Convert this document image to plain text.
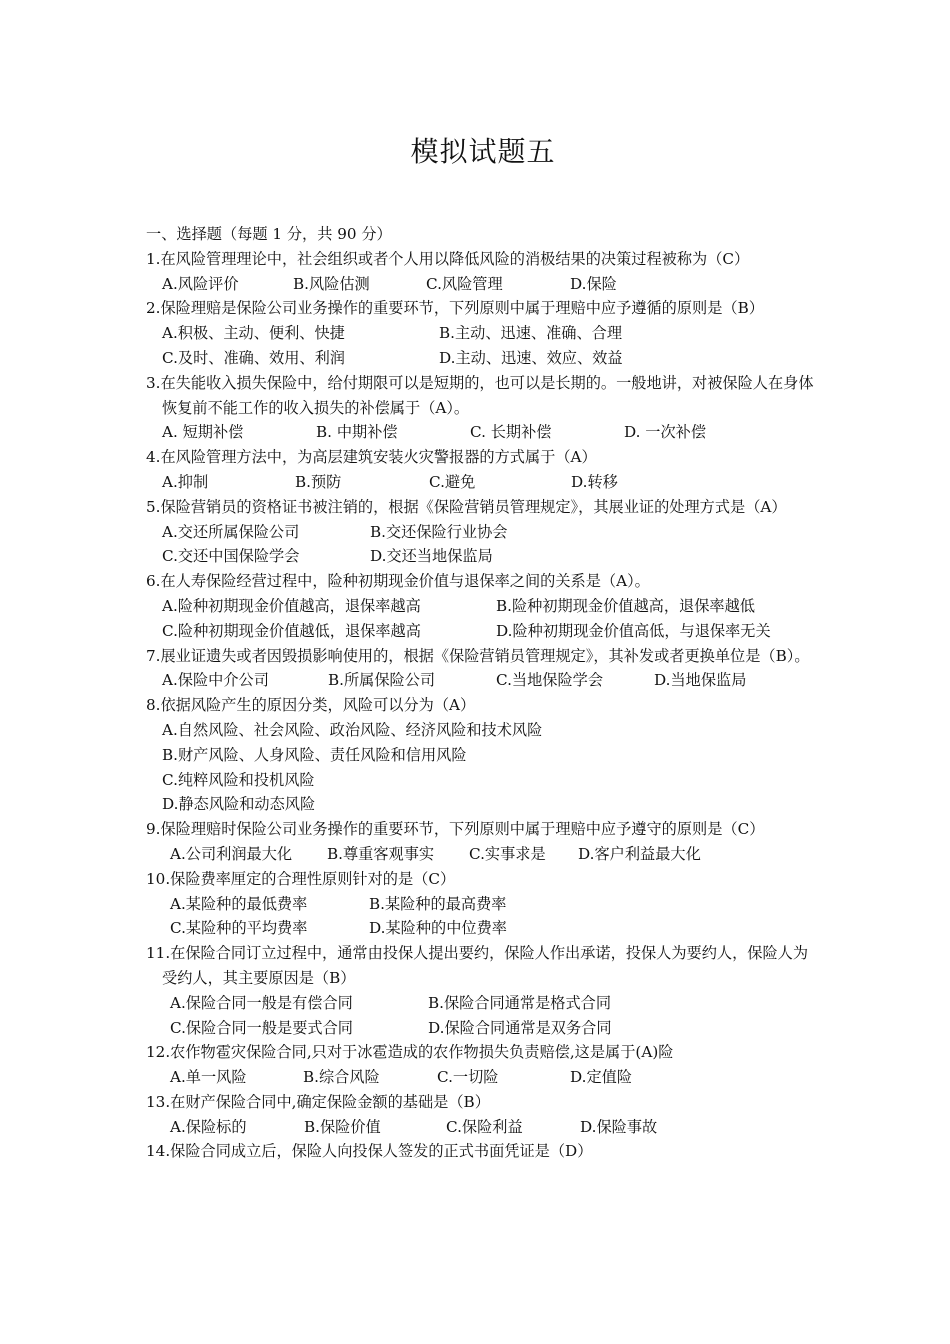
模拟试题五
一、选择题（每题 1 分，共 90 分）
1.在风险管理理论中，社会组织或者个人用以降低风险的消极结果的决策过程被称为（C）
A.风险评价	B.风险估测	C.风险管理	D.保险
2.保险理赔是保险公司业务操作的重要环节，下列原则中属于理赔中应予遵循的原则是（B）
A.积极、主动、便利、快捷	B.主动、迅速、准确、合理
C.及时、准确、效用、利润	D.主动、迅速、效应、效益
3.在失能收入损失保险中，给付期限可以是短期的，也可以是长期的。一般地讲，对被保险人在身体恢复前不能工作的收入损失的补偿属于（A）。
A. 短期补偿	B. 中期补偿	C. 长期补偿	D. 一次补偿
4.在风险管理方法中，为高层建筑安装火灾警报器的方式属于（A）
A.抑制	B.预防	C.避免	D.转移
5.保险营销员的资格证书被注销的，根据《保险营销员管理规定》，其展业证的处理方式是（A）
A.交还所属保险公司	B.交还保险行业协会
C.交还中国保险学会	D.交还当地保监局
6.在人寿保险经营过程中，险种初期现金价值与退保率之间的关系是（A）。
A.险种初期现金价值越高，退保率越高	B.险种初期现金价值越高，退保率越低
C.险种初期现金价值越低，退保率越高	D.险种初期现金价值高低，与退保率无关
7.展业证遗失或者因毁损影响使用的，根据《保险营销员管理规定》，其补发或者更换单位是（B）。
A.保险中介公司	B.所属保险公司	C.当地保险学会	D.当地保监局
8.依据风险产生的原因分类，风险可以分为（A）
A.自然风险、社会风险、政治风险、经济风险和技术风险
B.财产风险、人身风险、责任风险和信用风险
C.纯粹风险和投机风险
D.静态风险和动态风险
9.保险理赔时保险公司业务操作的重要环节，下列原则中属于理赔中应予遵守的原则是（C）
A.公司利润最大化	B.尊重客观事实	C.实事求是	D.客户利益最大化
10.保险费率厘定的合理性原则针对的是（C）
A.某险种的最低费率	B.某险种的最高费率
C.某险种的平均费率	D.某险种的中位费率
11.在保险合同订立过程中，通常由投保人提出要约，保险人作出承诺，投保人为要约人，保险人为受约人，其主要原因是（B）
A.保险合同一般是有偿合同	B.保险合同通常是格式合同
C.保险合同一般是要式合同	D.保险合同通常是双务合同
12.农作物雹灾保险合同,只对于冰雹造成的农作物损失负责赔偿,这是属于(A)险
A.单一风险	B.综合风险	C.一切险	D.定值险
13.在财产保险合同中,确定保险金额的基础是（B）
A.保险标的	B.保险价值	C.保险利益	D.保险事故
14.保险合同成立后，保险人向投保人签发的正式书面凭证是（D）
